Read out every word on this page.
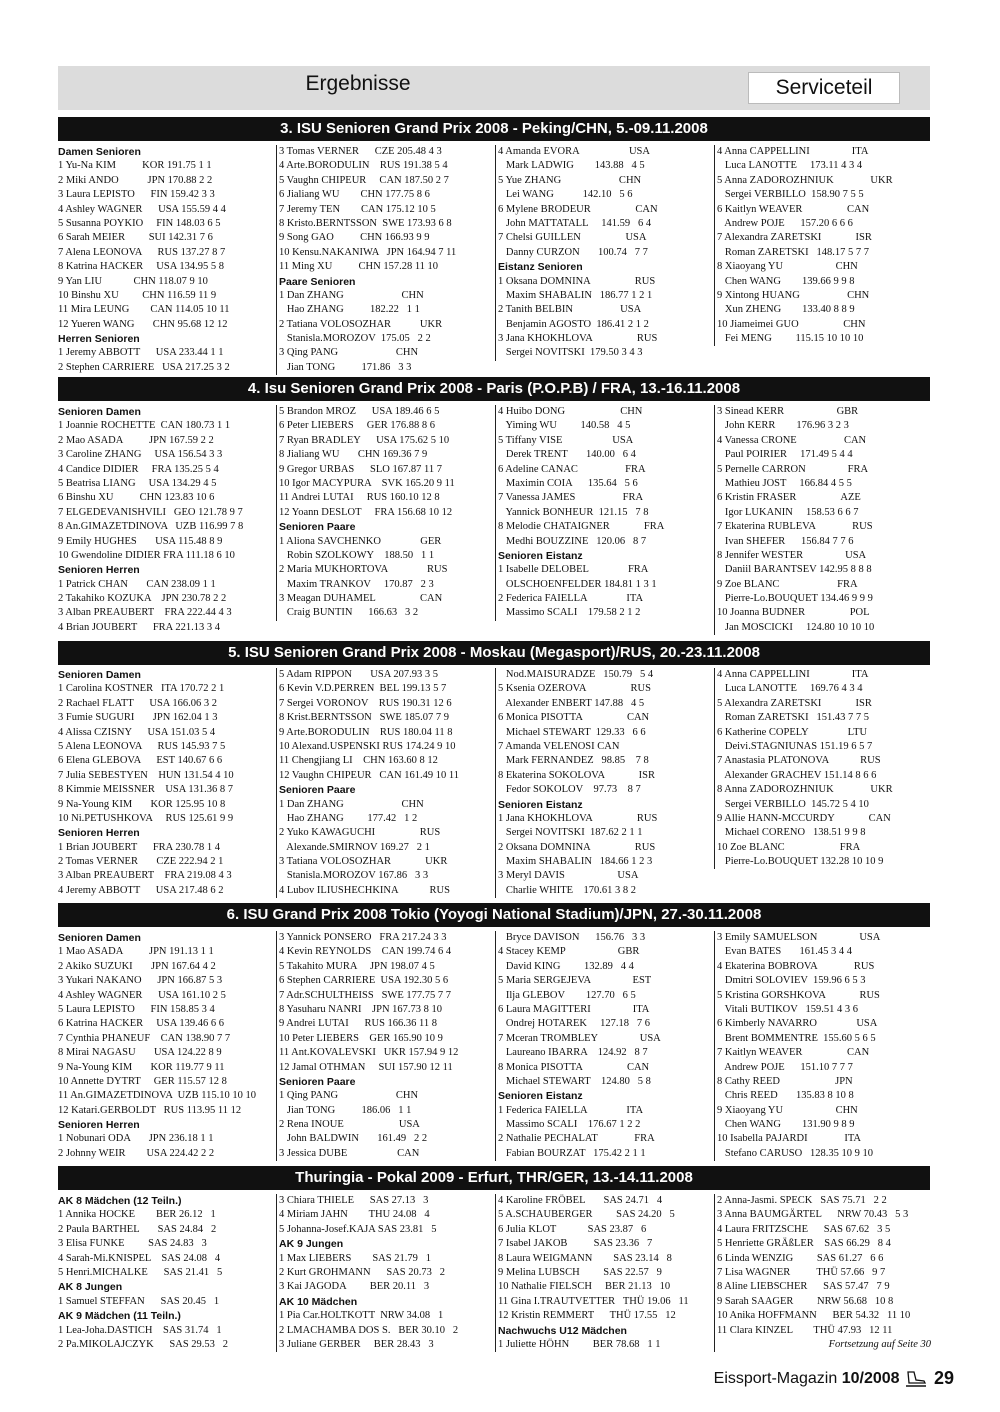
Ergebnisse	Serviceteil
3. ISU Senioren Grand Prix 2008 - Peking/CHN, 5.-09.11.2008
Damen Senioren
1 Yu-Na KIM          KOR 191.75 1 1
2 Miki ANDO           JPN 170.88 2 2
3 Laura LEPISTO      FIN 159.42 3 3
4 Ashley WAGNER      USA 155.59 4 4
5 Susanna POYKIO     FIN 148.03 6 5
6 Sarah MEIER         SUI 142.31 7 6
7 Alena LEONOVA      RUS 137.27 8 7
8 Katrina HACKER     USA 134.95 5 8
9 Yan LIU            CHN 118.07 9 10
10 Binshu XU         CHN 116.59 11 9
11 Mira LEUNG        CAN 114.05 10 11
12 Yueren WANG       CHN 95.68 12 12
Herren Senioren
1 Jeremy ABBOTT      USA 233.44 1 1
2 Stephen CARRIERE   USA 217.25 3 2
3 Tomas VERNER      CZE 205.48 4 3
4 Arte.BORODULIN    RUS 191.38 5 4
5 Vaughn CHIPEUR     CAN 187.50 2 7
6 Jialiang WU        CHN 177.75 8 6
7 Jeremy TEN        CAN 175.12 10 5
8 Kristo.BERNTSSON  SWE 173.93 6 8
9 Song GAO          CHN 166.93 9 9
10 Kensu.NAKANIWA   JPN 164.94 7 11
11 Ming XU          CHN 157.28 11 10
Paare Senioren
1 Dan ZHANG                      CHN
Hao ZHANG          182.22   1 1
2 Tatiana VOLOSOZHAR           UKR
Stanisla.MOROZOV  175.05   2 2
3 Qing PANG                      CHN
Jian TONG          171.86   3 3
4 Amanda EVORA                   USA
Mark LADWIG        143.88   4 5
5 Yue ZHANG                      CHN
Lei WANG           142.10   5 6
6 Mylene BRODEUR                 CAN
John MATTATALL     141.59   6 4
7 Chelsi GUILLEN                 USA
Danny CURZON       100.74   7 7
Eistanz Senioren
1 Oksana DOMNINA                 RUS
Maxim SHABALIN   186.77 1 2 1
2 Tanith BELBIN                  USA
Benjamin AGOSTO  186.41 2 1 2
3 Jana KHOKHLOVA                 RUS
Sergei NOVITSKI  179.50 3 4 3
4 Anna CAPPELLINI                ITA
Luca LANOTTE     173.11 4 3 4
5 Anna ZADOROZHNIUK              UKR
Sergei VERBILLO  158.90 7 5 5
6 Kaitlyn WEAVER                 CAN
Andrew POJE      157.20 6 6 6
7 Alexandra ZARETSKI             ISR
Roman ZARETSKI   148.17 5 7 7
8 Xiaoyang YU                    CHN
Chen WANG        139.66 9 9 8
9 Xintong HUANG                  CHN
Xun ZHENG        133.40 8 8 9
10 Jiameimei GUO                 CHN
Fei MENG         115.15 10 10 10
4. Isu Senioren Grand Prix 2008 - Paris (P.O.P.B) / FRA, 13.-16.11.2008
Senioren Damen
1 Joannie ROCHETTE  CAN 180.73 1 1
2 Mao ASADA          JPN 167.59 2 2
3 Caroline ZHANG     USA 156.54 3 3
4 Candice DIDIER     FRA 135.25 5 4
5 Beatrisa LIANG     USA 134.29 4 5
6 Binshu XU          CHN 123.83 10 6
7 ELGEDEVANISHVILI   GEO 121.78 9 7
8 An.GIMAZETDINOVA   UZB 116.99 7 8
9 Emily HUGHES       USA 115.48 8 9
10 Gwendoline DIDIER FRA 111.18 6 10
Senioren Herren
1 Patrick CHAN       CAN 238.09 1 1
2 Takahiko KOZUKA    JPN 230.78 2 2
3 Alban PREAUBERT    FRA 222.44 4 3
4 Brian JOUBERT      FRA 221.13 3 4
5 Brandon MROZ      USA 189.46 6 5
6 Peter LIEBERS     GER 176.88 8 6
7 Ryan BRADLEY      USA 175.62 5 10
8 Jialiang WU       CHN 169.36 7 9
9 Gregor URBAS      SLO 167.87 11 7
10 Igor MACYPURA    SVK 165.20 9 11
11 Andrei LUTAI     RUS 160.10 12 8
12 Yoann DESLOT     FRA 156.68 10 12
Senioren Paare
1 Aliona SAVCHENKO               GER
Robin SZOLKOWY    188.50   1 1
2 Maria MUKHORTOVA               RUS
Maxim TRANKOV     170.87   2 3
3 Meagan DUHAMEL                 CAN
Craig BUNTIN      166.63   3 2
4 Huibo DONG                     CHN
Yiming WU         140.58   4 5
5 Tiffany VISE                   USA
Derek TRENT       140.00   6 4
6 Adeline CANAC                  FRA
Maximin COIA      135.64   5 6
7 Vanessa JAMES                  FRA
Yannick BONHEUR  121.15   7 8
8 Melodie CHATAIGNER             FRA
Medhi BOUZZINE   120.06   8 7
Senioren Eistanz
1 Isabelle DELOBEL               FRA
OLSCHOENFELDER 184.81 1 3 1
2 Federica FAIELLA               ITA
Massimo SCALI    179.58 2 1 2
3 Sinead KERR                    GBR
John KERR        176.96 3 2 3
4 Vanessa CRONE                  CAN
Paul POIRIER     171.49 5 4 4
5 Pernelle CARRON                FRA
Mathieu JOST     166.84 4 5 5
6 Kristin FRASER                 AZE
Igor LUKANIN     158.53 6 6 7
7 Ekaterina RUBLEVA              RUS
Ivan SHEFER      156.84 7 7 6
8 Jennifer WESTER                USA
Daniil BARANTSEV 142.95 8 8 8
9 Zoe BLANC                      FRA
Pierre-Lo.BOUQUET 134.46 9 9 9
10 Joanna BUDNER                 POL
Jan MOSCICKI     124.80 10 10 10
5. ISU Senioren Grand Prix 2008 - Moskau (Megasport)/RUS, 20.-23.11.2008
Senioren Damen
1 Carolina KOSTNER   ITA 170.72 2 1
2 Rachael FLATT      USA 166.06 3 2
3 Fumie SUGURI       JPN 162.04 1 3
4 Alissa CZISNY      USA 151.03 5 4
5 Alena LEONOVA      RUS 145.93 7 5
6 Elena GLEBOVA      EST 140.67 6 6
7 Julia SEBESTYEN    HUN 131.54 4 10
8 Kimmie MEISSNER    USA 131.36 8 7
9 Na-Young KIM       KOR 125.95 10 8
10 Ni.PETUSHKOVA     RUS 125.61 9 9
Senioren Herren
1 Brian JOUBERT      FRA 230.78 1 4
2 Tomas VERNER       CZE 222.94 2 1
3 Alban PREAUBERT    FRA 219.08 4 3
4 Jeremy ABBOTT      USA 217.48 6 2
5 Adam RIPPON       USA 207.93 3 5
6 Kevin V.D.PERREN  BEL 199.13 5 7
7 Sergei VORONOV    RUS 190.31 12 6
8 Krist.BERNTSSON   SWE 185.07 7 9
9 Arte.BORODULIN    RUS 180.04 11 8
10 Alexand.USPENSKI RUS 174.24 9 10
11 Chengjiang LI    CHN 163.60 8 12
12 Vaughn CHIPEUR   CAN 161.49 10 11
Senioren Paare
1 Dan ZHANG                      CHN
Hao ZHANG         177.42   1 2
2 Yuko KAWAGUCHI                 RUS
Alexande.SMIRNOV 169.27   2 1
3 Tatiana VOLOSOZHAR             UKR
Stanisla.MOROZOV 167.86   3 3
4 Lubov ILIUSHECHKINA            RUS
Nod.MAISURADZE   150.79   5 4
5 Ksenia OZEROVA                 RUS
Alexander ENBERT 147.88   4 5
6 Monica PISOTTA                 CAN
Michael STEWART  129.33   6 6
7 Amanda VELENOSI CAN
Mark FERNANDEZ   98.85    7 8
8 Ekaterina SOKOLOVA             ISR
Fedor SOKOLOV    97.73    8 7
Senioren Eistanz
1 Jana KHOKHLOVA                 RUS
Sergei NOVITSKI  187.62 2 1 1
2 Oksana DOMNINA                 RUS
Maxim SHABALIN   184.66 1 2 3
3 Meryl DAVIS                    USA
Charlie WHITE    170.61 3 8 2
4 Anna CAPPELLINI                ITA
Luca LANOTTE     169.76 4 3 4
5 Alexandra ZARETSKI             ISR
Roman ZARETSKI   151.43 7 7 5
6 Katherine COPELY               LTU
Deivi.STAGNIUNAS 151.19 6 5 7
7 Anastasia PLATONOVA            RUS
Alexander GRACHEV 151.14 8 6 6
8 Anna ZADOROZHNIUK              UKR
Sergei VERBILLO  145.72 5 4 10
9 Allie HANN-MCCURDY             CAN
Michael CORENO   138.51 9 9 8
10 Zoe BLANC                     FRA
Pierre-Lo.BOUQUET 132.28 10 10 9
6. ISU Grand Prix 2008 Tokio (Yoyogi National Stadium)/JPN, 27.-30.11.2008
Senioren Damen
1 Mao ASADA          JPN 191.13 1 1
2 Akiko SUZUKI       JPN 167.64 4 2
3 Yukari NAKANO      JPN 166.87 5 3
4 Ashley WAGNER      USA 161.10 2 5
5 Laura LEPISTO      FIN 158.85 3 4
6 Katrina HACKER     USA 139.46 6 6
7 Cynthia PHANEUF    CAN 138.90 7 7
8 Mirai NAGASU       USA 124.22 8 9
9 Na-Young KIM       KOR 119.77 9 11
10 Annette DYTRT     GER 115.57 12 8
11 An.GIMAZETDINOVA  UZB 115.10 10 10
12 Katari.GERBOLDT   RUS 113.95 11 12
Senioren Herren
1 Nobunari ODA       JPN 236.18 1 1
2 Johnny WEIR        USA 224.42 2 2
3 Yannick PONSERO   FRA 217.24 3 3
4 Kevin REYNOLDS    CAN 199.74 6 4
5 Takahito MURA     JPN 198.07 4 5
6 Stephen CARRIERE  USA 192.30 5 6
7 Adr.SCHULTHEISS   SWE 177.75 7 7
8 Yasuharu NANRI    JPN 167.73 8 10
9 Andrei LUTAI      RUS 166.36 11 8
10 Peter LIEBERS    GER 165.90 10 9
11 Ant.KOVALEVSKI   UKR 157.94 9 12
12 Jamal OTHMAN     SUI 157.90 12 11
Senioren Paare
1 Qing PANG                      CHN
Jian TONG          186.06   1 1
2 Rena INOUE                     USA
John BALDWIN       161.49   2 2
3 Jessica DUBE                   CAN
Bryce DAVISON      156.76   3 3
4 Stacey KEMP                    GBR
David KING         132.89   4 4
5 Maria SERGEJEVA                EST
Ilja GLEBOV        127.70   6 5
6 Laura MAGITTERI                ITA
Ondrej HOTAREK     127.18   7 6
7 Mceran TROMBLEY                USA
Laureano IBARRA    124.92   8 7
8 Monica PISOTTA                 CAN
Michael STEWART    124.80   5 8
Senioren Eistanz
1 Federica FAIELLA               ITA
Massimo SCALI    176.67 1 2 2
2 Nathalie PECHALAT              FRA
Fabian BOURZAT   175.42 2 1 1
3 Emily SAMUELSON                USA
Evan BATES       161.45 3 4 4
4 Ekaterina BOBROVA              RUS
Dmitri SOLOVIEV  159.96 6 5 3
5 Kristina GORSHKOVA             RUS
Vitali BUTIKOV   159.51 4 3 6
6 Kimberly NAVARRO               USA
Brent BOMMENTRE  155.60 5 6 5
7 Kaitlyn WEAVER                 CAN
Andrew POJE      151.10 7 7 7
8 Cathy REED                     JPN
Chris REED       135.83 8 10 8
9 Xiaoyang YU                    CHN
Chen WANG        131.90 9 8 9
10 Isabella PAJARDI              ITA
Stefano CARUSO   128.35 10 9 10
Thuringia - Pokal 2009 - Erfurt, THR/GER, 13.-14.11.2008
AK 8 Mädchen (12 Teiln.)
1 Annika HOCKE        BER 26.12   1
2 Paula BARTHEL       SAS 24.84   2
3 Elisa FUNKE         SAS 24.83   3
4 Sarah-Mi.KNISPEL    SAS 24.08   4
5 Henri.MICHALKE      SAS 21.41   5
AK 8 Jungen
1 Samuel STEFFAN      SAS 20.45   1
AK 9 Mädchen (11 Teiln.)
1 Lea-Joha.DASTICH    SAS 31.74   1
2 Pa.MIKOLAJCZYK      SAS 29.53   2
3 Chiara THIELE      SAS 27.13   3
4 Miriam JAHN        THU 24.08   4
5 Johanna-Josef.KAJA SAS 23.81   5
AK 9 Jungen
1 Max LIEBERS        SAS 21.79   1
2 Kurt GROHMANN      SAS 20.73   2
3 Kai JAGODA         BER 20.11   3
AK 10 Mädchen
1 Pia Car.HOLTKOTT  NRW 34.08   1
2 LMACHAMBA DOS S.   BER 30.10   2
3 Juliane GERBER     BER 28.43   3
4 Karoline FRÖBEL       SAS 24.71   4
5 A.SCHAUBERGER         SAS 24.20   5
6 Julia KLOT            SAS 23.87   6
7 Isabel JAKOB          SAS 23.36   7
8 Laura WEIGMANN        SAS 23.14   8
9 Melina LUBSCH         SAS 22.57   9
10 Nathalie FIELSCH     BER 21.13   10
11 Gina I.TRAUTVETTER   THÜ 19.06   11
12 Kristin REMMERT      THÜ 17.55   12
Nachwuchs U12 Mädchen
1 Juliette HÖHN         BER 78.68   1 1
2 Anna-Jasmi. SPECK   SAS 75.71   2 2
3 Anna BAUMGÄRTEL      NRW 70.43   5 3
4 Laura FRITZSCHE      SAS 67.62   3 5
5 Henriette GRÄßLER    SAS 66.29   8 4
6 Linda WENZIG         SAS 61.27   6 6
7 Lisa WAGNER          THÜ 57.66   9 7
8 Aline LIEBSCHER      SAS 57.47   7 9
9 Sarah SAAGER         NRW 56.68   10 8
10 Anika HOFFMANN      BER 54.32   11 10
11 Clara KINZEL        THÜ 47.93   12 11
Fortsetzung auf Seite 30
Eissport-Magazin 10/2008	29
